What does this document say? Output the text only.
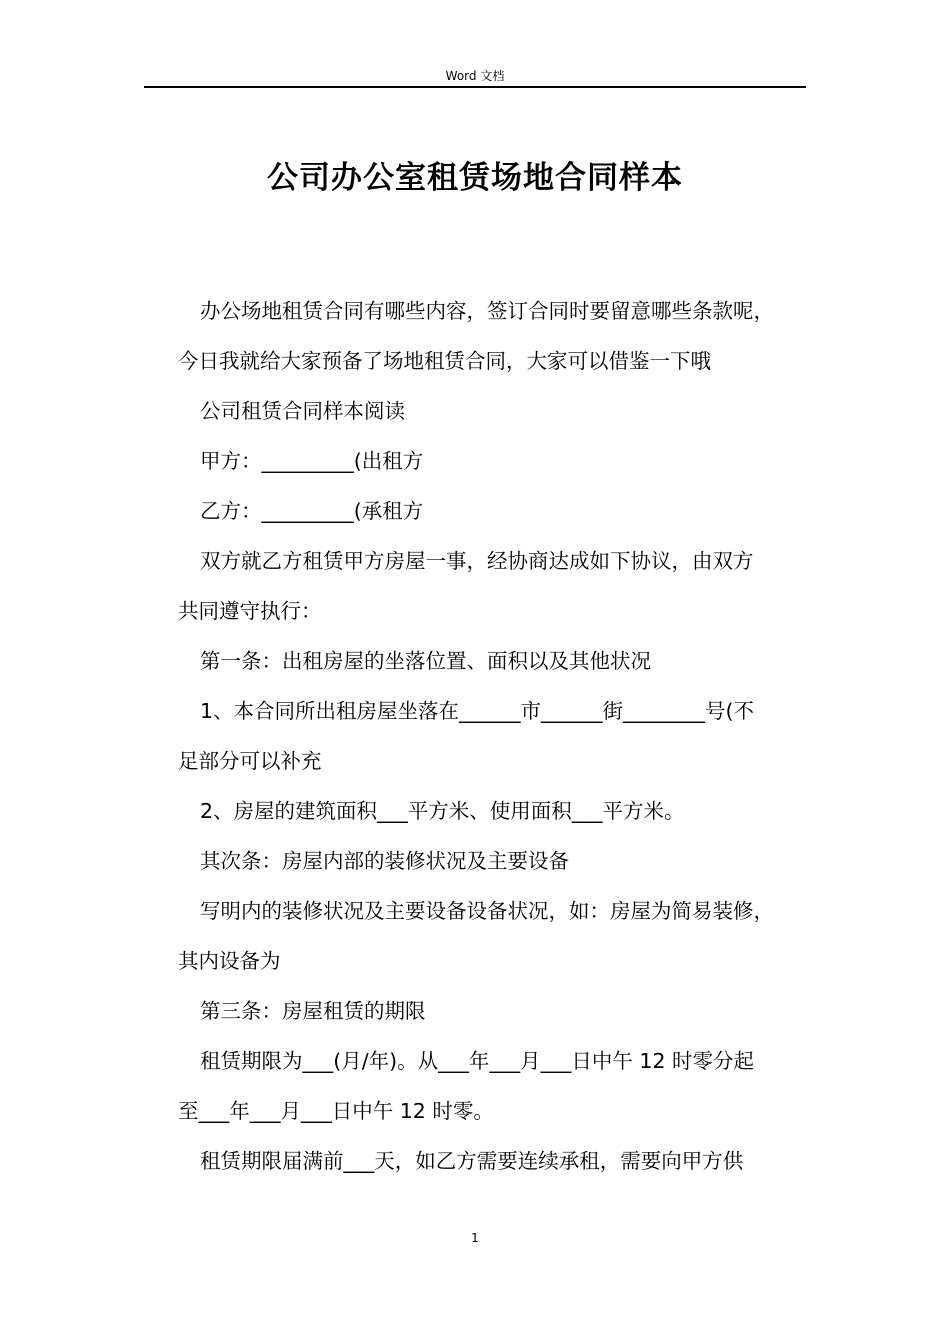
Word 文档
公司办公室租赁场地合同样本
办公场地租赁合同有哪些内容，签订合同时要留意哪些条款呢，
今日我就给大家预备了场地租赁合同，大家可以借鉴一下哦
公司租赁合同样本阅读
甲方：_________(出租方
乙方：_________(承租方
双方就乙方租赁甲方房屋一事，经协商达成如下协议，由双方
共同遵守执行：
第一条：出租房屋的坐落位置、面积以及其他状况
1、本合同所出租房屋坐落在______市______街________号(不
足部分可以补充
2、房屋的建筑面积___平方米、使用面积___平方米。
其次条：房屋内部的装修状况及主要设备
写明内的装修状况及主要设备设备状况，如：房屋为简易装修，
其内设备为
第三条：房屋租赁的期限
租赁期限为___(月/年)。从___年___月___日中午 12 时零分起
至___年___月___日中午 12 时零。
租赁期限届满前___天，如乙方需要连续承租，需要向甲方供
1
